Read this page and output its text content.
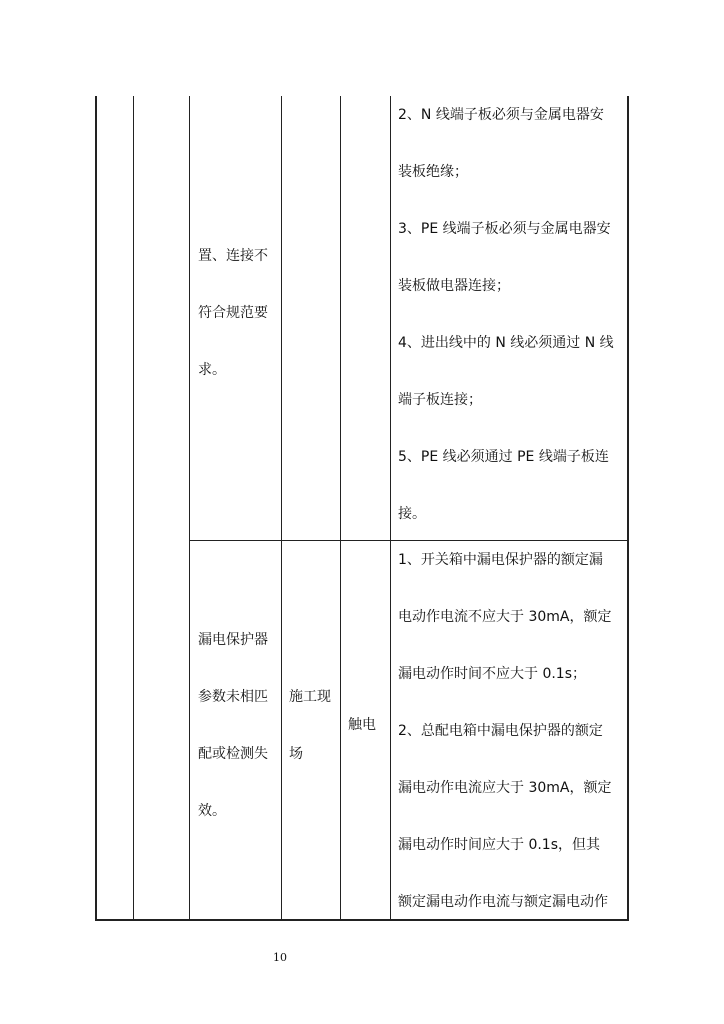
置、连接不
符合规范要
求。
2、N 线端子板必须与金属电器安
装板绝缘；
3、PE 线端子板必须与金属电器安
装板做电器连接；
4、进出线中的 N 线必须通过 N 线
端子板连接；
5、PE 线必须通过 PE 线端子板连
接。
漏电保护器
参数未相匹
配或检测失
效。
施工现
场
触电
1、开关箱中漏电保护器的额定漏
电动作电流不应大于 30mA，额定
漏电动作时间不应大于 0.1s；
2、总配电箱中漏电保护器的额定
漏电动作电流应大于 30mA，额定
漏电动作时间应大于 0.1s，但其
额定漏电动作电流与额定漏电动作
10
